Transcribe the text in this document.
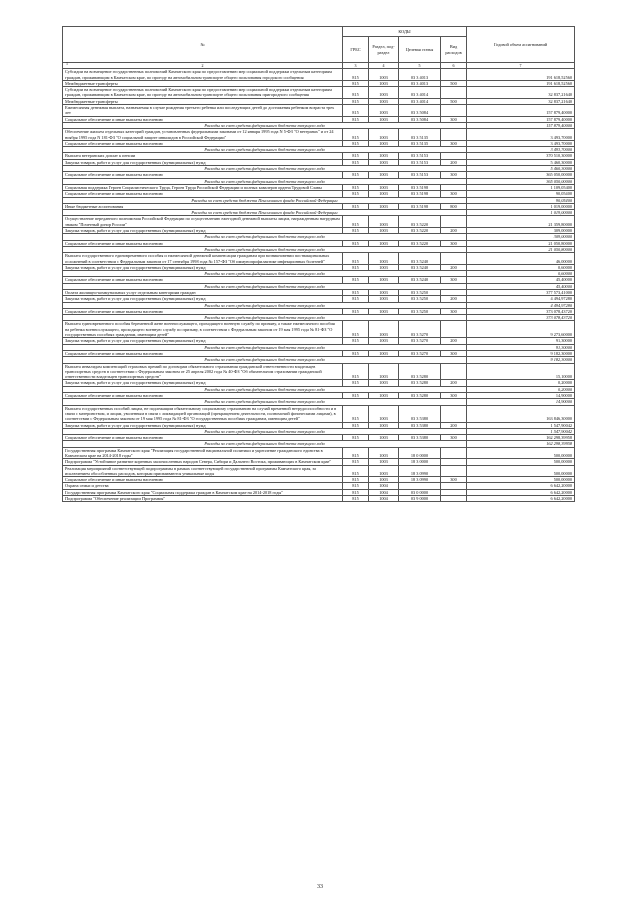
№	КОДЫ				Годовой объем ассигнований
	ГРБС	Раздел, под-раздел	Целевая статья	Вид расходов	
2	3	4	5	6	7
Субсидии на возмещение государственных полномочий Камчатского края по предоставлению мер социальной поддержки отдельным категориям граждан, проживающим в Камчатском крае, по проезду на автомобильном транспорте общего пользования городского сообщения	815	1003	03 3 4013		191 618,52560
Межбюджетные трансферты	815	1003	03 3 4013	500	191 618,52560
Субсидии на возмещение государственных полномочий Камчатского края по предоставлению мер социальной поддержки отдельным категориям граждан, проживающим в Камчатском крае, по проезду на автомобильном транспорте общего пользования пригородного сообщения	815	1003	03 3 4014		32 837,21640
Межбюджетные трансферты	815	1003	03 3 4014	500	32 837,21640
Ежемесячная денежная выплата, назначаемая в случае рождения третьего ребенка или последующих детей до достижения ребенком возраста трех лет	815	1003	03 3 5084		157 879,40000
Социальное обеспечение и иные выплаты населению	815	1003	03 3 5084	300	157 879,40000
Расходы за счет средств федерального бюджета текущего года					157 879,40000
Обеспечение жильем отдельных категорий граждан, установленных федеральными законами от 12 января 1995 года N 5-ФЗ "О ветеранах" и от 24 ноября 1995 года N 181-ФЗ "О социальной защите инвалидов в Российской Федерации"	815	1003	03 3 5135		3 493,70000
Социальное обеспечение и иные выплаты населению	815	1003	03 3 5135	300	3 493,70000
Расходы за счет средств федерального бюджета текущего года					3 493,70000
Выплата ветеранских доплат к пенсии	815	1003	03 3 5153		370 510,30000
Закупка товаров, работ и услуг для государственных (муниципальных) нужд	815	1003	03 3 5153	200	5 460,30000
Расходы за счет средств федерального бюджета текущего года					5 460,30000
Социальное обеспечение и иные выплаты населению	815	1003	03 3 5153	300	365 050,00000
Расходы за счет средств федерального бюджета текущего года					365 050,00000
Социальная поддержка Героев Социалистического Труда, Героев Труда Российской Федерации и полных кавалеров ордена Трудовой Славы	815	1003	03 3 5198		1 109,05400
Социальное обеспечение и иные выплаты населению	815	1003	03 3 5198	300	90,05400
Расходы за счет средств бюджета Пенсионного фонда Российской Федерации					90,05400
Иные бюджетные ассигнования	815	1003	03 3 5198	800	1 019,00000
Расходы за счет средств бюджета Пенсионного фонда Российской Федерации					1 019,00000
Осуществление переданного полномочия Российской Федерации по осуществлению ежегодной денежной выплаты лицам, награжденным нагрудным знаком "Почетный донор России"	815	1003	03 3 5220		21 359,80000
Закупка товаров, работ и услуг для государственных (муниципальных) нужд	815	1003	03 3 5220	200	309,00000
Расходы за счет средств федерального бюджета текущего года					309,00000
Социальное обеспечение и иные выплаты населению	815	1003	03 3 5220	300	21 050,80000
Расходы за счет средств федерального бюджета текущего года					21 050,80000
Выплата государственного единовременного пособия и ежемесячной денежной компенсации гражданам при возникновении поствакцинальных осложнений в соответствии с Федеральным законом от 17 сентября 1998 года № 157-ФЗ "Об иммунопрофилактике инфекционных болезней"	815	1003	03 3 5240		46,00000
Закупка товаров, работ и услуг для государственных (муниципальных) нужд	815	1003	03 3 5240	200	0,60000
Расходы за счет средств федерального бюджета текущего года					0,60000
Социальное обеспечение и иные выплаты населению	815	1003	03 3 5240	300	45,40000
Расходы за счет средств федерального бюджета текущего года					45,40000
Оплата жилищно-коммунальных услуг отдельным категориям граждан	815	1003	03 3 5250		377 573,41000
Закупка товаров, работ и услуг для государственных (муниципальных) нужд	815	1003	03 3 5250	200	4 494,97280
Расходы за счет средств федерального бюджета текущего года					4 494,97280
Социальное обеспечение и иные выплаты населению	815	1003	03 3 5250	300	373 078,43720
Расходы за счет средств федерального бюджета текущего года					373 078,43720
Выплата единовременного пособия беременной жене военнослужащего, проходящего военную службу по призыву, а также ежемесячного пособия на ребенка военнослужащего, проходящего военную службу по призыву, в соответствии с Федеральным законом от 19 мая 1995 года № 81-ФЗ "О государственных пособиях гражданам, имеющим детей"	815	1003	03 3 5270		9 273,60000
Закупка товаров, работ и услуг для государственных (муниципальных) нужд	815	1003	03 3 5270	200	91,30000
Расходы за счет средств федерального бюджета текущего года					91,30000
Социальное обеспечение и иные выплаты населению	815	1003	03 3 5270	300	9 182,30000
Расходы за счет средств федерального бюджета текущего года					9 182,30000
Выплата инвалидам компенсаций страховых премий по договорам обязательного страхования гражданской ответственности владельцев транспортных средств в соответствии с Федеральным законом от 25 апреля 2002 года № 40-ФЗ "Об обязательном страховании гражданской ответственности владельцев транспортных средств"	815	1003	03 3 5280		15,10000
Закупка товаров, работ и услуг для государственных (муниципальных) нужд	815	1003	03 3 5280	200	0,20000
Расходы за счет средств федерального бюджета текущего года					0,20000
Социальное обеспечение и иные выплаты населению	815	1003	03 3 5280	300	14,90000
Расходы за счет средств федерального бюджета текущего года					14,90000
Выплата государственных пособий лицам, не подлежащим обязательному социальному страхованию на случай временной нетрудоспособности и в связи с материнством, и лицам, уволенным в связи с ликвидацией организаций (прекращением деятельности, полномочий физическими лицами), в соответствии с Федеральным законом от 19 мая 1995 года № 81-ФЗ "О государственных пособиях гражданам, имеющим детей"	815	1003	03 3 5380		163 846,30000
Закупка товаров, работ и услуг для государственных (муниципальных) нужд	815	1003	03 3 5380	200	1 547,90042
Расходы за счет средств федерального бюджета текущего года					1 547,90042
Социальное обеспечение и иные выплаты населению	815	1003	03 3 5380	300	162 298,39958
Расходы за счет средств федерального бюджета текущего года					162 298,39958
Государственная программа Камчатского края "Реализация государственной национальной политики и укрепление гражданского единства в Камчатском крае на 2014-2018 годы"	815	1003	18 0 0000		500,00000
Подпрограмма "Устойчивое развитие коренных малочисленных народов Севера, Сибири и Дальнего Востока, проживающих в Камчатском крае"	815	1003	18 3 0000		500,00000
Реализация мероприятий соответствующей подпрограммы в рамках соответствующей государственной программы Камчатского края, за исключением обособленных расходов, которым присваиваются уникальные коды	815	1003	18 3 0990		500,00000
Социальное обеспечение и иные выплаты населению	815	1003	18 3 0990	300	500,00000
Охрана семьи и детства	815	1004			6 642,20000
Государственная программа Камчатского края "Социальная поддержка граждан в Камчатском крае на 2014-2018 годы"	815	1004	03 0 0000		6 642,20000
Подпрограмма "Обеспечение реализации Программы"	815	1004	03 9 0000		6 642,20000
1
33
